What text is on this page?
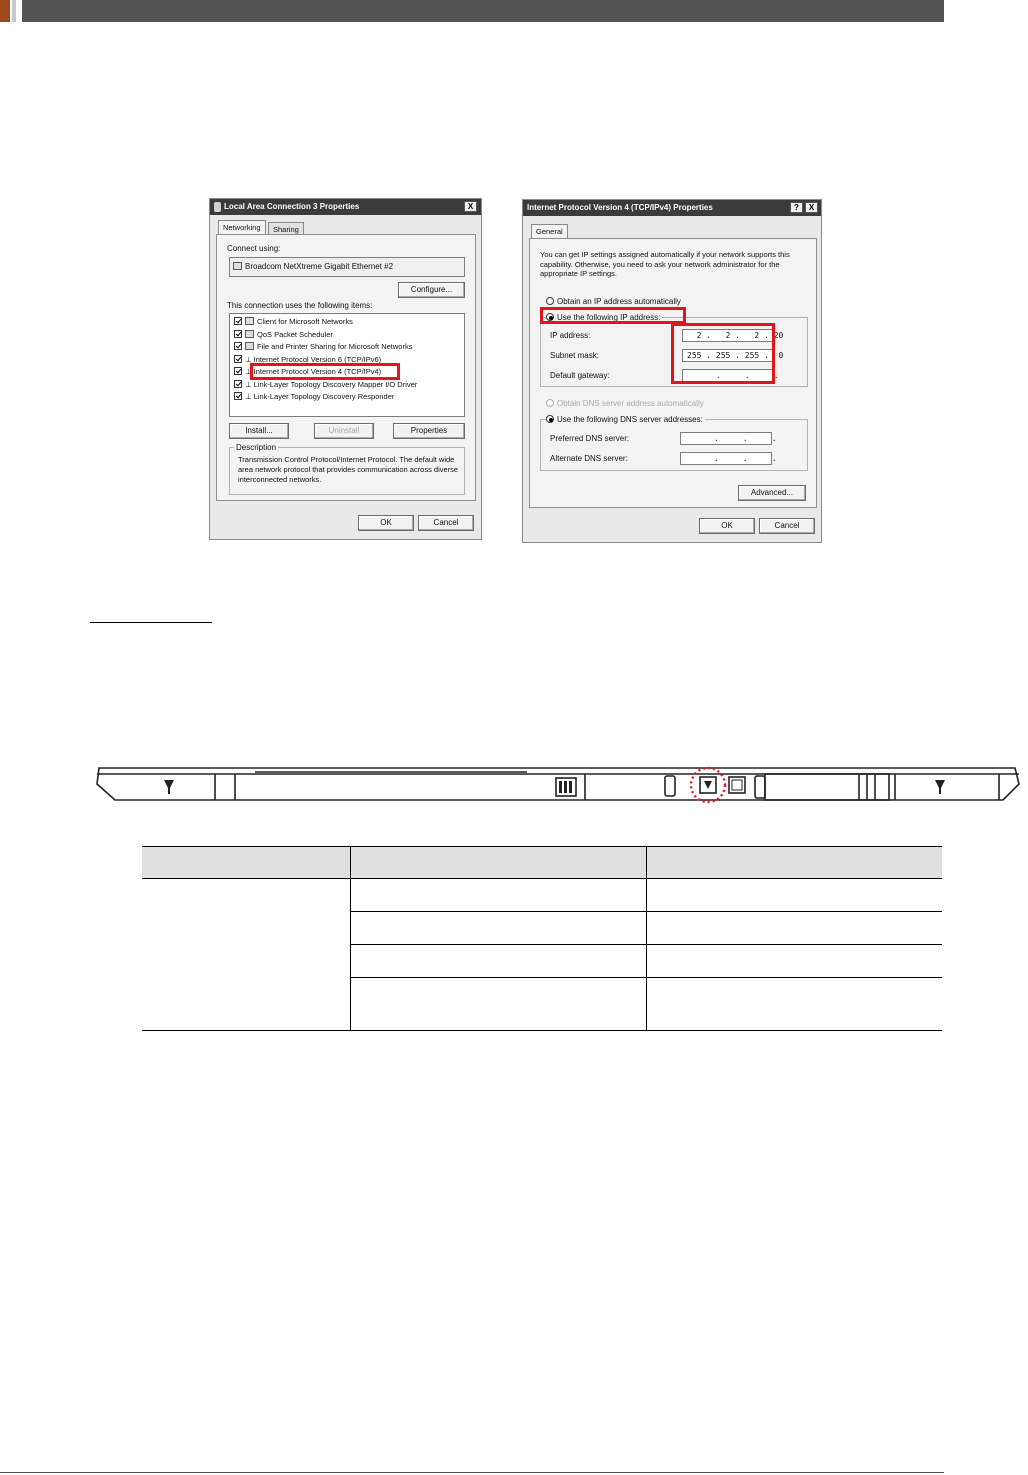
Local Area Connection 3 Properties	X
Networking	Sharing
Connect using:
Broadcom NetXtreme Gigabit Ethernet #2
Configure...
This connection uses the following items:
Client for Microsoft Networks
QoS Packet Scheduler
File and Printer Sharing for Microsoft Networks
⊥ Internet Protocol Version 6 (TCP/IPv6)
⊥ Internet Protocol Version 4 (TCP/IPv4)
⊥ Link-Layer Topology Discovery Mapper I/O Driver
⊥ Link-Layer Topology Discovery Responder
Install...	Uninstall	Properties
Description
Transmission Control Protocol/Internet Protocol. The default wide area network protocol that provides communication across diverse interconnected networks.
OK	Cancel
Internet Protocol Version 4 (TCP/IPv4) Properties	?	X
General
You can get IP settings assigned automatically if your network supports this capability. Otherwise, you need to ask your network administrator for the appropriate IP settings.
Obtain an IP address automatically
Use the following IP address:
IP address:	2 .   2 .   2 . 20
Subnet mask:	255 . 255 . 255 .  0
Default gateway:	.     .     .
Obtain DNS server address automatically
Use the following DNS server addresses:
Preferred DNS server:	.     .     .
Alternate DNS server:	.     .     .
Advanced...
OK	Cancel
